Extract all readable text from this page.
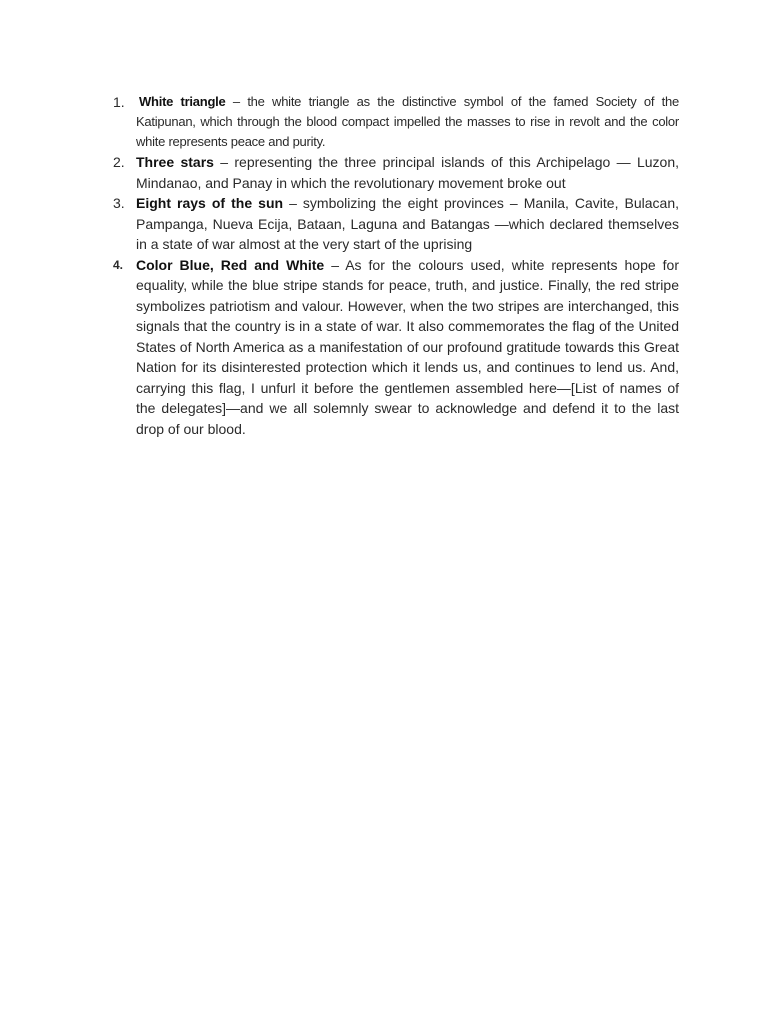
1. White triangle – the white triangle as the distinctive symbol of the famed Society of the Katipunan, which through the blood compact impelled the masses to rise in revolt and the color white represents peace and purity.
2. Three stars – representing the three principal islands of this Archipelago — Luzon, Mindanao, and Panay in which the revolutionary movement broke out
3. Eight rays of the sun – symbolizing the eight provinces – Manila, Cavite, Bulacan, Pampanga, Nueva Ecija, Bataan, Laguna and Batangas —which declared themselves in a state of war almost at the very start of the uprising
4. Color Blue, Red and White – As for the colours used, white represents hope for equality, while the blue stripe stands for peace, truth, and justice. Finally, the red stripe symbolizes patriotism and valour. However, when the two stripes are interchanged, this signals that the country is in a state of war. It also commemorates the flag of the United States of North America as a manifestation of our profound gratitude towards this Great Nation for its disinterested protection which it lends us, and continues to lend us. And, carrying this flag, I unfurl it before the gentlemen assembled here—[List of names of the delegates]—and we all solemnly swear to acknowledge and defend it to the last drop of our blood.
